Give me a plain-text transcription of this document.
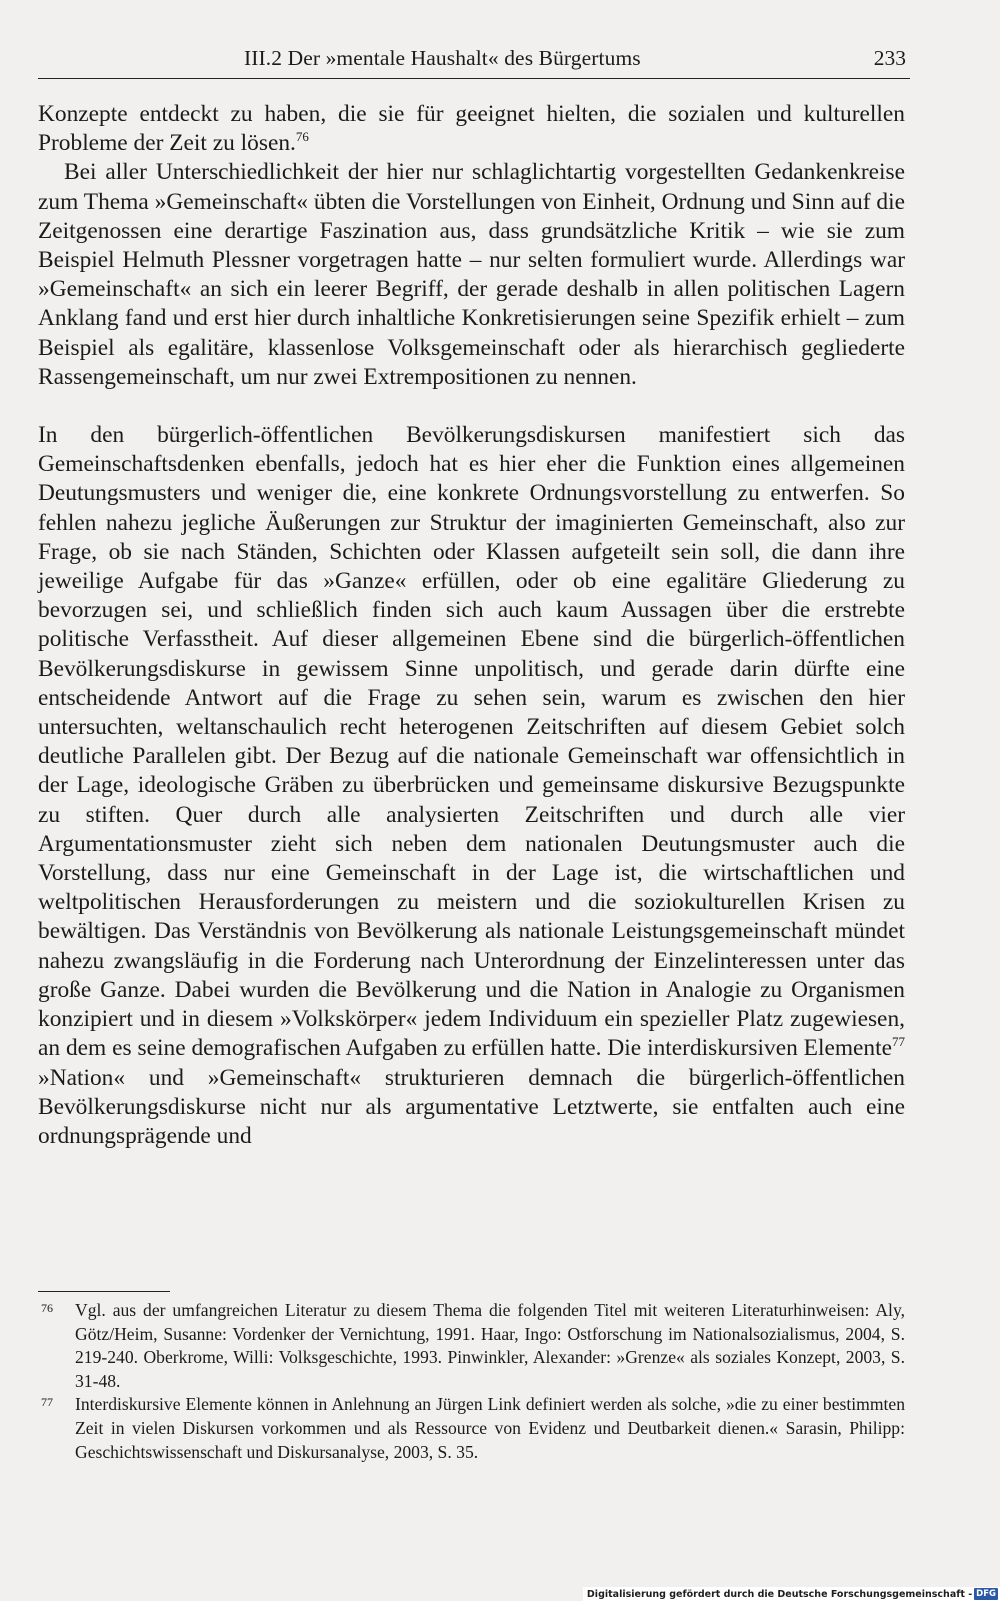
III.2 Der »mentale Haushalt« des Bürgertums	233

Konzepte entdeckt zu haben, die sie für geeignet hielten, die sozialen und kulturellen Probleme der Zeit zu lösen.$^{76}$

Bei aller Unterschiedlichkeit der hier nur schlaglichtartig vorgestellten Gedankenkreise zum Thema »Gemeinschaft« übten die Vorstellungen von Einheit, Ordnung und Sinn auf die Zeitgenossen eine derartige Faszination aus, dass grundsätzliche Kritik – wie sie zum Beispiel Helmuth Plessner vorgetragen hatte – nur selten formuliert wurde. Allerdings war »Gemeinschaft« an sich ein leerer Begriff, der gerade deshalb in allen politischen Lagern Anklang fand und erst hier durch inhaltliche Konkretisierungen seine Spezifik erhielt – zum Beispiel als egalitäre, klassenlose Volksgemeinschaft oder als hierarchisch gegliederte Rassengemeinschaft, um nur zwei Extrempositionen zu nennen.

In den bürgerlich-öffentlichen Bevölkerungsdiskursen manifestiert sich das Gemeinschaftsdenken ebenfalls, jedoch hat es hier eher die Funktion eines allgemeinen Deutungsmusters und weniger die, eine konkrete Ordnungsvorstellung zu entwerfen. So fehlen nahezu jegliche Äußerungen zur Struktur der imaginierten Gemeinschaft, also zur Frage, ob sie nach Ständen, Schichten oder Klassen aufgeteilt sein soll, die dann ihre jeweilige Aufgabe für das »Ganze« erfüllen, oder ob eine egalitäre Gliederung zu bevorzugen sei, und schließlich finden sich auch kaum Aussagen über die erstrebte politische Verfasstheit. Auf dieser allgemeinen Ebene sind die bürgerlich-öffentlichen Bevölkerungsdiskurse in gewissem Sinne unpolitisch, und gerade darin dürfte eine entscheidende Antwort auf die Frage zu sehen sein, warum es zwischen den hier untersuchten, weltanschaulich recht heterogenen Zeitschriften auf diesem Gebiet solch deutliche Parallelen gibt. Der Bezug auf die nationale Gemeinschaft war offensichtlich in der Lage, ideologische Gräben zu überbrücken und gemeinsame diskursive Bezugspunkte zu stiften. Quer durch alle analysierten Zeitschriften und durch alle vier Argumentationsmuster zieht sich neben dem nationalen Deutungsmuster auch die Vorstellung, dass nur eine Gemeinschaft in der Lage ist, die wirtschaftlichen und weltpolitischen Herausforderungen zu meistern und die soziokulturellen Krisen zu bewältigen. Das Verständnis von Bevölkerung als nationale Leistungsgemeinschaft mündet nahezu zwangsläufig in die Forderung nach Unterordnung der Einzelinteressen unter das große Ganze. Dabei wurden die Bevölkerung und die Nation in Analogie zu Organismen konzipiert und in diesem »Volkskörper« jedem Individuum ein spezieller Platz zugewiesen, an dem es seine demografischen Aufgaben zu erfüllen hatte. Die interdiskursiven Elemente$^{77}$ »Nation« und »Gemeinschaft« strukturieren demnach die bürgerlich-öffentlichen Bevölkerungsdiskurse nicht nur als argumentative Letztwerte, sie entfalten auch eine ordnungsprägende und

76 Vgl. aus der umfangreichen Literatur zu diesem Thema die folgenden Titel mit weiteren Literaturhinweisen: Aly, Götz/Heim, Susanne: Vordenker der Vernichtung, 1991. Haar, Ingo: Ostforschung im Nationalsozialismus, 2004, S. 219-240. Oberkrome, Willi: Volksgeschichte, 1993. Pinwinkler, Alexander: »Grenze« als soziales Konzept, 2003, S. 31-48.
77 Interdiskursive Elemente können in Anlehnung an Jürgen Link definiert werden als solche, »die zu einer bestimmten Zeit in vielen Diskursen vorkommen und als Ressource von Evidenz und Deutbarkeit dienen.« Sarasin, Philipp: Geschichtswissenschaft und Diskursanalyse, 2003, S. 35.
Digitalisierung gefördert durch die Deutsche Forschungsgemeinschaft - DFG
